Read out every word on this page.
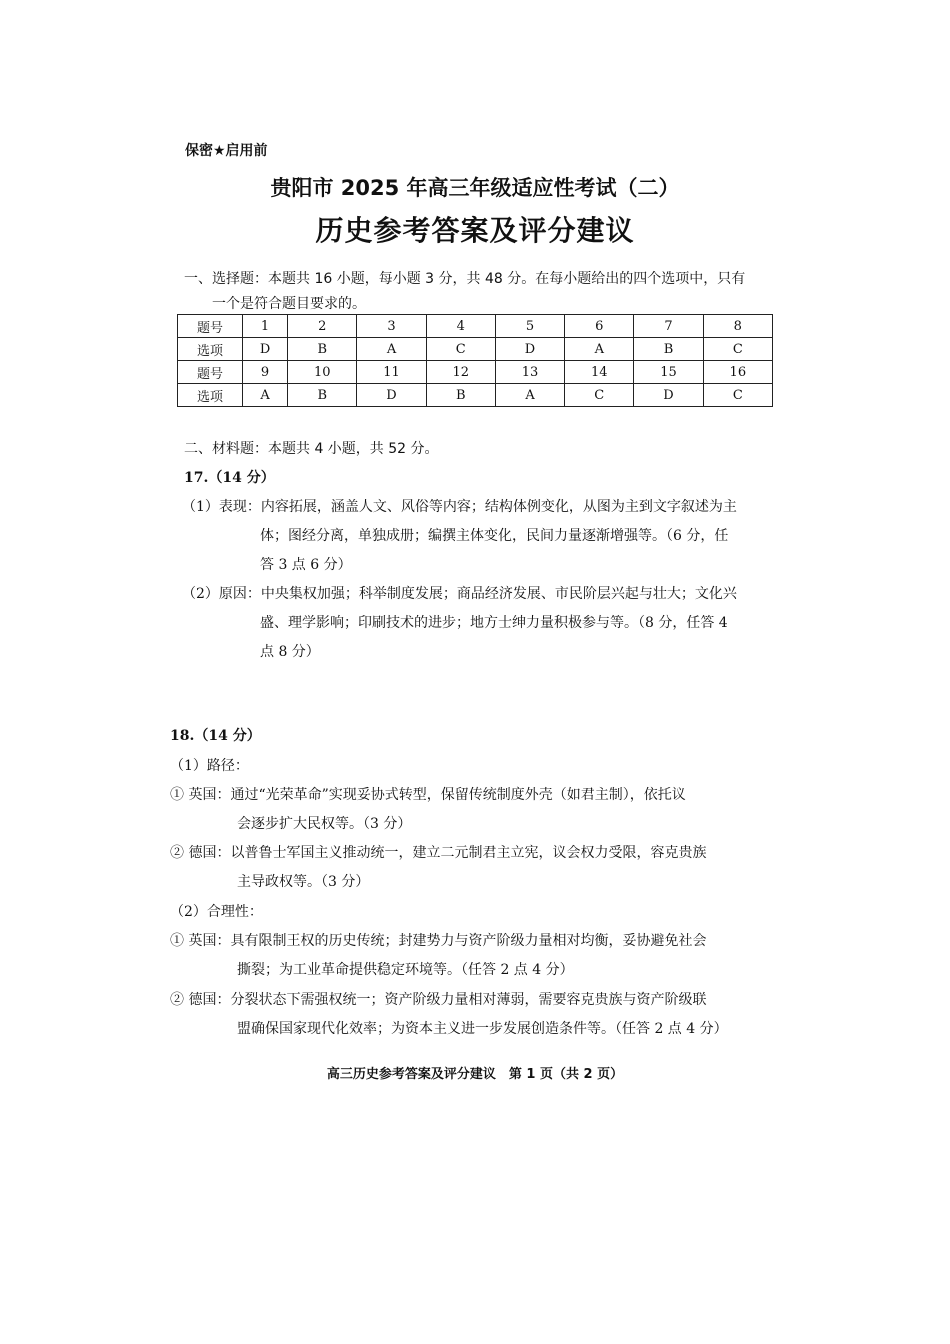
保密★启用前
贵阳市 2025 年高三年级适应性考试（二）
历史参考答案及评分建议
一、选择题：本题共 16 小题，每小题 3 分，共 48 分。在每小题给出的四个选项中，只有
一个是符合题目要求的。
题号	1	2	3	4	5	6	7	8
选项	D	B	A	C	D	A	B	C
题号	9	10	11	12	13	14	15	16
选项	A	B	D	B	A	C	D	C
二、材料题：本题共 4 小题，共 52 分。
17.（14 分）
（1）表现：内容拓展，涵盖人文、风俗等内容；结构体例变化，从图为主到文字叙述为主
体；图经分离，单独成册；编撰主体变化，民间力量逐渐增强等。（6 分，任
答 3 点 6 分）
（2）原因：中央集权加强；科举制度发展；商品经济发展、市民阶层兴起与壮大；文化兴
盛、理学影响；印刷技术的进步；地方士绅力量积极参与等。（8 分，任答 4
点 8 分）
18.（14 分）
（1）路径：
① 英国：通过“光荣革命”实现妥协式转型，保留传统制度外壳（如君主制），依托议
会逐步扩大民权等。（3 分）
② 德国：以普鲁士军国主义推动统一，建立二元制君主立宪，议会权力受限，容克贵族
主导政权等。（3 分）
（2）合理性：
① 英国：具有限制王权的历史传统；封建势力与资产阶级力量相对均衡，妥协避免社会
撕裂；为工业革命提供稳定环境等。（任答 2 点 4 分）
② 德国：分裂状态下需强权统一；资产阶级力量相对薄弱，需要容克贵族与资产阶级联
盟确保国家现代化效率；为资本主义进一步发展创造条件等。（任答 2 点 4 分）
高三历史参考答案及评分建议　第 1 页（共 2 页）
